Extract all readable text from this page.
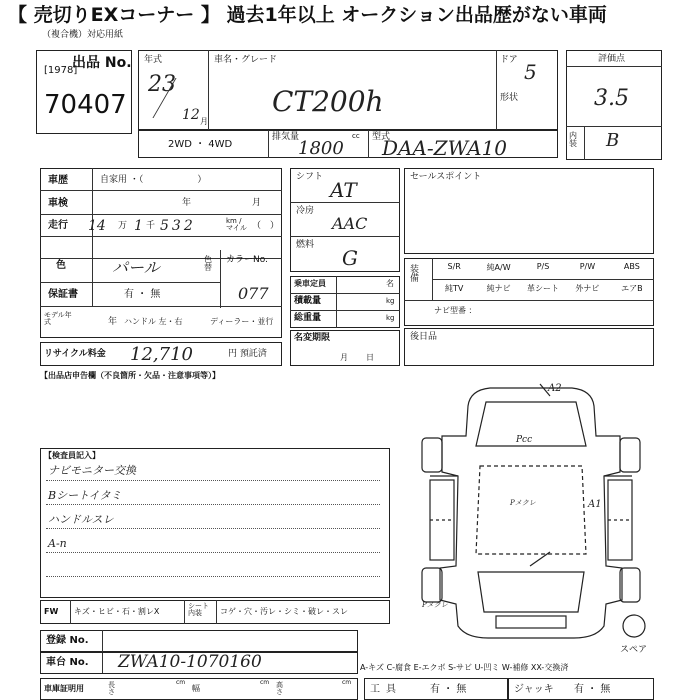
【 売切りEXコーナー 】 過去1年以上 オークション出品歴がない車両
（複合機）対応用紙
出品 No.
[1978]
70407
年式
23
12 月
車名・グレード
CT200h
ドア 5
形状
2WD ・ 4WD
排気量	cc
1800
型式
DAA-ZWA10
評価点
3.5
内装 B
車歴	自家用 ・（　　　　　　）
車検	年	月
走行 14 万 1 千 532	km / マイル （　）
色	パール	色替
カラーNo.
077
保証書	有 ・ 無
モデル年式	年 ハンドル 左・右	ディーラー・並行
リサイクル料金 12,710	円 預託済
シフト
AT
冷房
AAC
燃料
G
乗車定員	名
積載量	kg
総重量	kg
名変期限
月日
セールスポイント
装備
S/R	純A/W	P/S	P/W	ABS
純TV	純ナビ	革シート	外ナビ	エアB
ナビ型番 ：
後日品
【出品店申告欄（不良箇所・欠品・注意事項等）】
【検査員記入】
ナビモニター交換
Bシートイタミ
ハンドルスレ
A-n
FW キズ・ヒビ・石・割レX
シート内装	コゲ・穴・汚レ・シミ・破レ・スレ
登録 No.
車台 No. ZWA10-1070160	A-キズ C-腐食 E-エクボ S-サビ U-凹ミ W-補修 XX-交換済
車庫証明用	長さ
cm
幅
cm 高さ
cm
工具	有 ・ 無	ジャッキ 有 ・ 無
A2
Pcc
A1
Pメクレ
Pメクレ
スペア
